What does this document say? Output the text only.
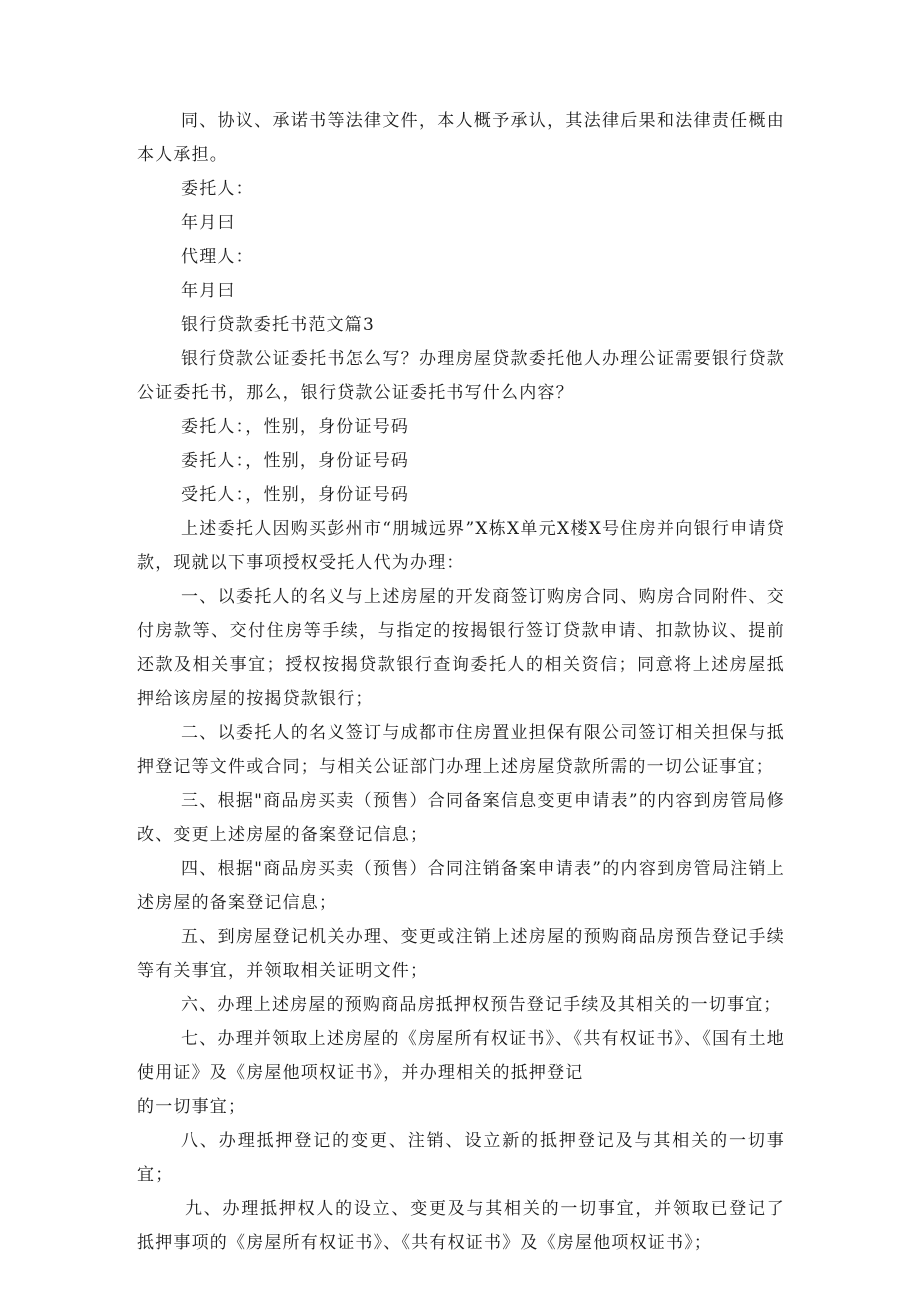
同、协议、承诺书等法律文件，本人概予承认，其法律后果和法律责任概由本人承担。

委托人：

年月曰

代理人：

年月曰

银行贷款委托书范文篇3

银行贷款公证委托书怎么写？办理房屋贷款委托他人办理公证需要银行贷款公证委托书，那么，银行贷款公证委托书写什么内容？

委托人：，性别，身份证号码

委托人：，性别，身份证号码

受托人：，性别，身份证号码

上述委托人因购买彭州市“朋城远界”X栋X单元X楼X号住房并向银行申请贷款，现就以下事项授权受托人代为办理：

一、以委托人的名义与上述房屋的开发商签订购房合同、购房合同附件、交付房款等、交付住房等手续，与指定的按揭银行签订贷款申请、扣款协议、提前还款及相关事宜；授权按揭贷款银行查询委托人的相关资信；同意将上述房屋抵押给该房屋的按揭贷款银行；

二、以委托人的名义签订与成都市住房置业担保有限公司签订相关担保与抵押登记等文件或合同；与相关公证部门办理上述房屋贷款所需的一切公证事宜；

三、根据"商品房买卖（预售）合同备案信息变更申请表”的内容到房管局修改、变更上述房屋的备案登记信息；

四、根据"商品房买卖（预售）合同注销备案申请表”的内容到房管局注销上述房屋的备案登记信息；

五、到房屋登记机关办理、变更或注销上述房屋的预购商品房预告登记手续等有关事宜，并领取相关证明文件；

六、办理上述房屋的预购商品房抵押权预告登记手续及其相关的一切事宜；

七、办理并领取上述房屋的《房屋所有权证书》、《共有权证书》、《国有土地使用证》及《房屋他项权证书》，并办理相关的抵押登记

的一切事宜；

八、办理抵押登记的变更、注销、设立新的抵押登记及与其相关的一切事宜；

九、办理抵押权人的设立、变更及与其相关的一切事宜，并领取已登记了抵押事项的《房屋所有权证书》、《共有权证书》及《房屋他项权证书》；
